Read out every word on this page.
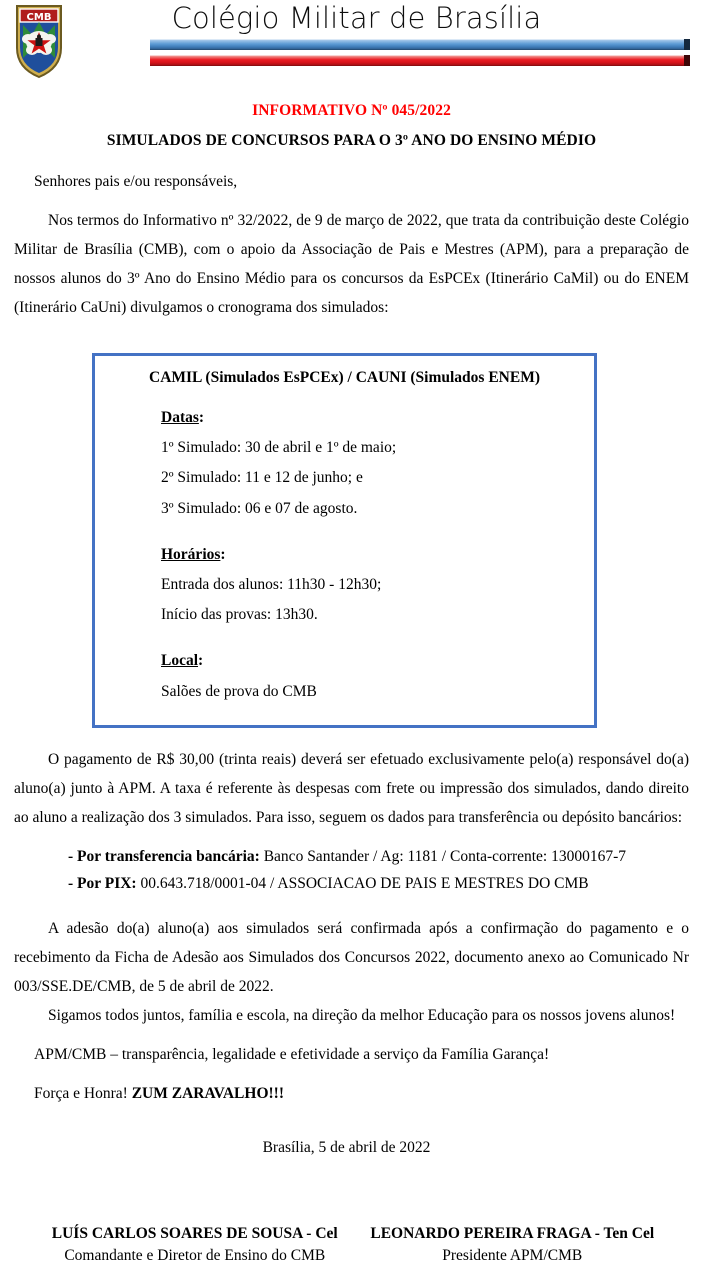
CMB	Colégio Militar de Brasília
INFORMATIVO Nº 045/2022
SIMULADOS DE CONCURSOS PARA O 3º ANO DO ENSINO MÉDIO

Senhores pais e/ou responsáveis,

Nos termos do Informativo nº 32/2022, de 9 de março de 2022, que trata da contribuição deste Colégio Militar de Brasília (CMB), com o apoio da Associação de Pais e Mestres (APM), para a preparação de nossos alunos do 3º Ano do Ensino Médio para os concursos da EsPCEx (Itinerário CaMil) ou do ENEM (Itinerário CaUni) divulgamos o cronograma dos simulados:

CAMIL (Simulados EsPCEx) / CAUNI (Simulados ENEM)
Datas:
1º Simulado: 30 de abril e 1º de maio;
2º Simulado: 11 e 12 de junho; e
3º Simulado: 06 e 07 de agosto.
Horários:
Entrada dos alunos: 11h30 - 12h30;
Início das provas: 13h30.
Local:
Salões de prova do CMB

O pagamento de R$ 30,00 (trinta reais) deverá ser efetuado exclusivamente pelo(a) responsável do(a) aluno(a) junto à APM. A taxa é referente às despesas com frete ou impressão dos simulados, dando direito ao aluno a realização dos 3 simulados. Para isso, seguem os dados para transferência ou depósito bancários:

- Por transferencia bancária: Banco Santander / Ag: 1181 / Conta-corrente: 13000167-7
- Por PIX: 00.643.718/0001-04 / ASSOCIACAO DE PAIS E MESTRES DO CMB

A adesão do(a) aluno(a) aos simulados será confirmada após a confirmação do pagamento e o recebimento da Ficha de Adesão aos Simulados dos Concursos 2022, documento anexo ao Comunicado Nr 003/SSE.DE/CMB, de 5 de abril de 2022.

Sigamos todos juntos, família e escola, na direção da melhor Educação para os nossos jovens alunos!

APM/CMB – transparência, legalidade e efetividade a serviço da Família Garança!

Força e Honra! ZUM ZARAVALHO!!!

Brasília, 5 de abril de 2022
LUÍS CARLOS SOARES DE SOUSA - Cel
Comandante e Diretor de Ensino do CMB
LEONARDO PEREIRA FRAGA - Ten Cel
Presidente APM/CMB
